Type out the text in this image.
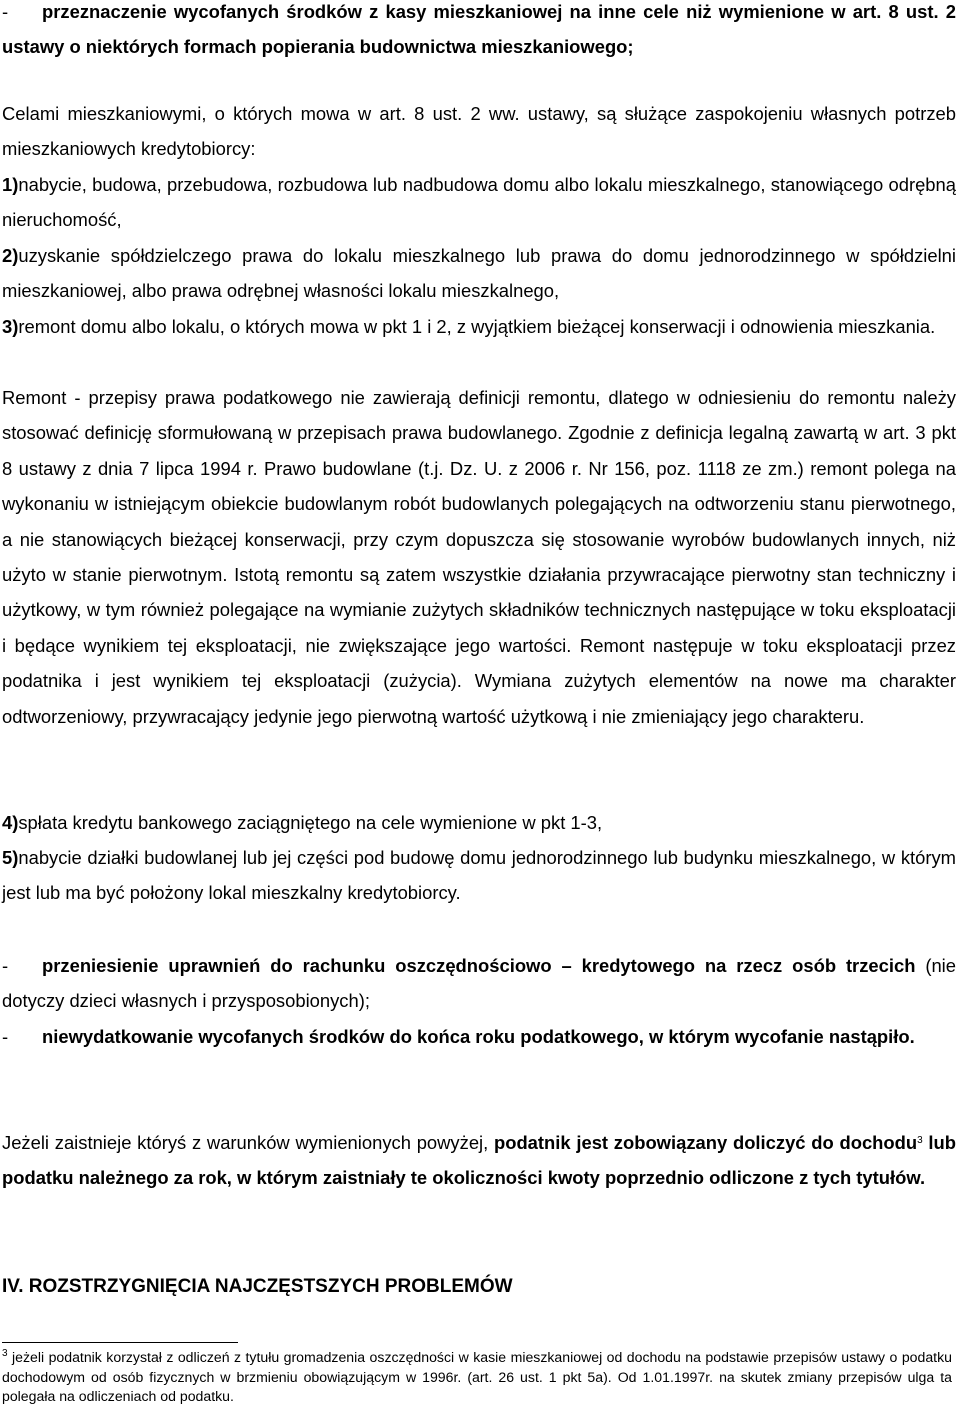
- przeznaczenie wycofanych środków z kasy mieszkaniowej na inne cele niż wymienione w art. 8 ust. 2 ustawy o niektórych formach popierania budownictwa mieszkaniowego;

Celami mieszkaniowymi, o których mowa w art. 8 ust. 2 ww. ustawy, są służące zaspokojeniu własnych potrzeb mieszkaniowych kredytobiorcy:

1)nabycie, budowa, przebudowa, rozbudowa lub nadbudowa domu albo lokalu mieszkalnego, stanowiącego odrębną nieruchomość,

2)uzyskanie spółdzielczego prawa do lokalu mieszkalnego lub prawa do domu jednorodzinnego w spółdzielni mieszkaniowej, albo prawa odrębnej własności lokalu mieszkalnego,

3)remont domu albo lokalu, o których mowa w pkt 1 i 2, z wyjątkiem bieżącej konserwacji i odnowienia mieszkania.

Remont - przepisy prawa podatkowego nie zawierają definicji remontu, dlatego w odniesieniu do remontu należy stosować definicję sformułowaną w przepisach prawa budowlanego. Zgodnie z definicja legalną zawartą w art. 3 pkt 8 ustawy z dnia 7 lipca 1994 r. Prawo budowlane (t.j. Dz. U. z 2006 r. Nr 156, poz. 1118 ze zm.) remont polega na wykonaniu w istniejącym obiekcie budowlanym robót budowlanych polegających na odtworzeniu stanu pierwotnego, a nie stanowiących bieżącej konserwacji, przy czym dopuszcza się stosowanie wyrobów budowlanych innych, niż użyto w stanie pierwotnym. Istotą remontu są zatem wszystkie działania przywracające pierwotny stan techniczny i użytkowy, w tym również polegające na wymianie zużytych składników technicznych następujące w toku eksploatacji i będące wynikiem tej eksploatacji, nie zwiększające jego wartości. Remont następuje w toku eksploatacji przez podatnika i jest wynikiem tej eksploatacji (zużycia). Wymiana zużytych elementów na nowe ma charakter odtworzeniowy, przywracający jedynie jego pierwotną wartość użytkową i nie zmieniający jego charakteru.

4)spłata kredytu bankowego zaciągniętego na cele wymienione w pkt 1-3,

5)nabycie działki budowlanej lub jej części pod budowę domu jednorodzinnego lub budynku mieszkalnego, w którym jest lub ma być położony lokal mieszkalny kredytobiorcy.

- przeniesienie uprawnień do rachunku oszczędnościowo – kredytowego na rzecz osób trzecich (nie dotyczy dzieci własnych i przysposobionych);

- niewydatkowanie wycofanych środków do końca roku podatkowego, w którym wycofanie nastąpiło.

Jeżeli zaistnieje któryś z warunków wymienionych powyżej, podatnik jest zobowiązany doliczyć do dochodu$^3$ lub podatku należnego za rok, w którym zaistniały te okoliczności kwoty poprzednio odliczone z tych tytułów.

IV. ROZSTRZYGNIĘCIA NAJCZĘSTSZYCH PROBLEMÓW

$^3$ jeżeli podatnik korzystał z odliczeń z tytułu gromadzenia oszczędności w kasie mieszkaniowej od dochodu na podstawie przepisów ustawy o podatku dochodowym od osób fizycznych w brzmieniu obowiązującym w 1996r. (art. 26 ust. 1 pkt 5a). Od 1.01.1997r. na skutek zmiany przepisów ulga ta polegała na odliczeniach od podatku.
